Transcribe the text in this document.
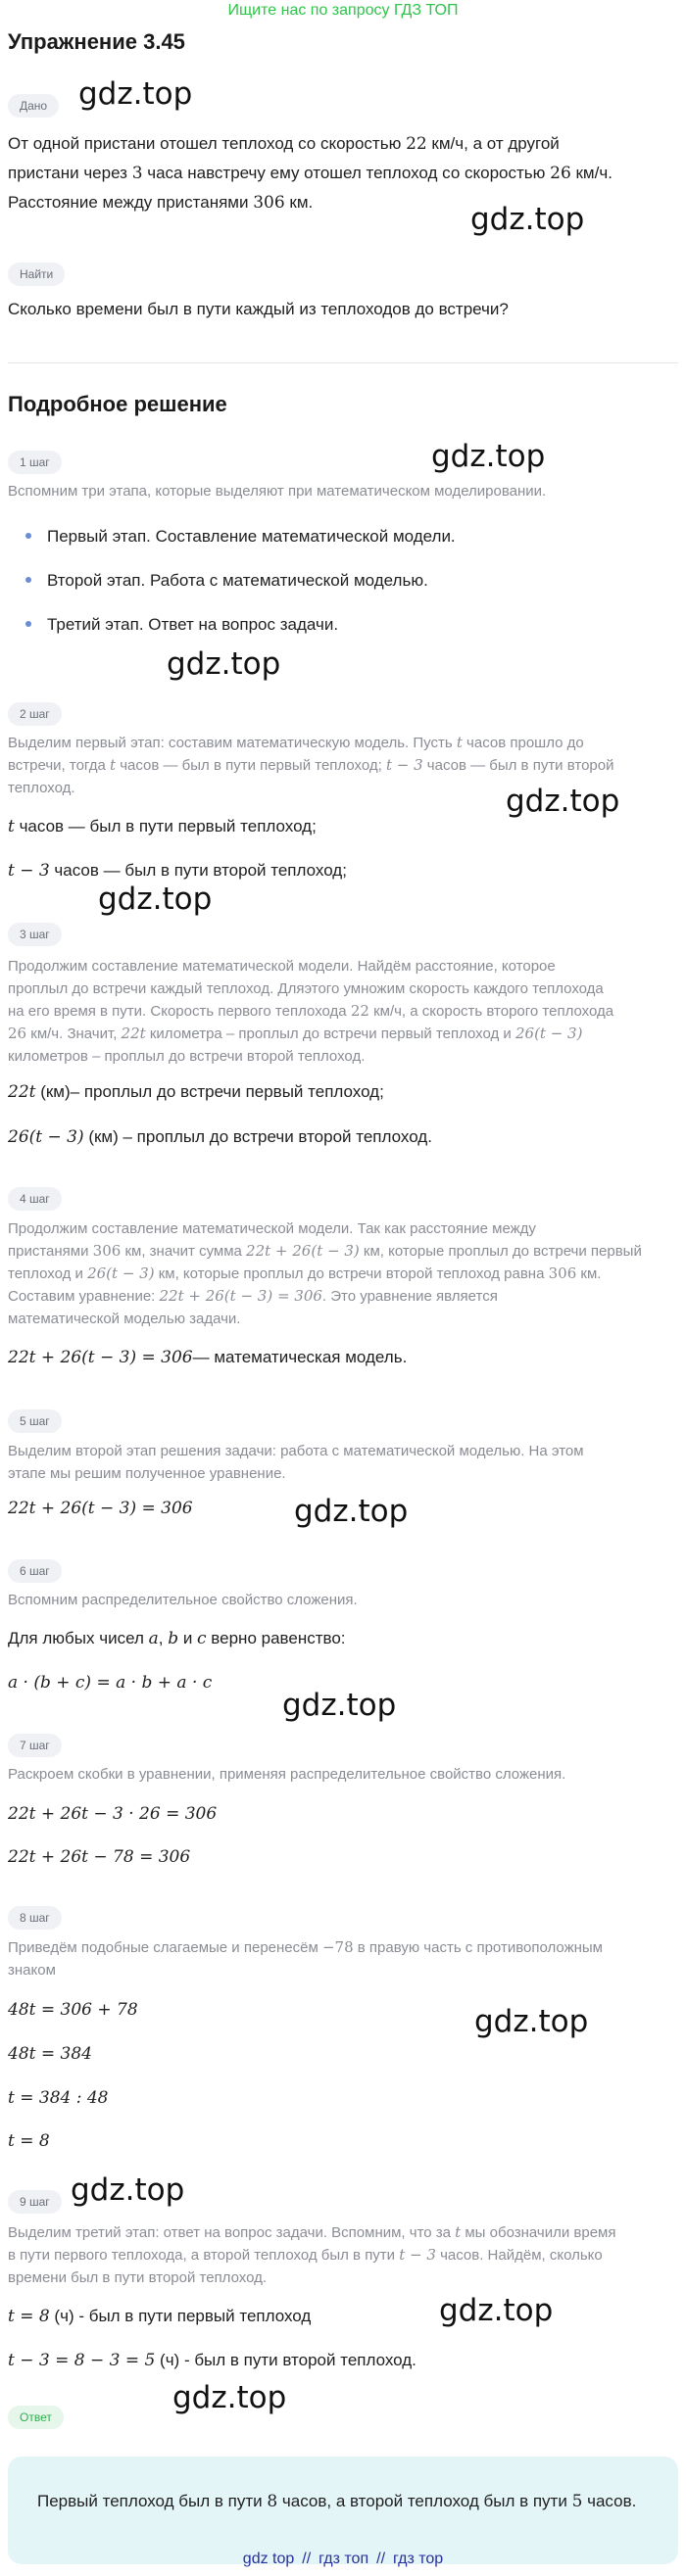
Ищите нас по запросу ГДЗ ТОП
Упражнение 3.45
Дано	gdz.top
От одной пристани отошел теплоход со скоростью 22 км/ч, а от другой
пристани через 3 часа навстречу ему отошел теплоход со скоростью 26 км/ч.
Расстояние между пристанями 306 км.	gdz.top
Найти
Сколько времени был в пути каждый из теплоходов до встречи?
Подробное решение
gdz.top
1 шаг
Вспомним три этапа, которые выделяют при математическом моделировании.
Первый этап. Составление математической модели.
Второй этап. Работа с математической моделью.
Третий этап. Ответ на вопрос задачи.
gdz.top
2 шаг
Выделим первый этап: составим математическую модель. Пусть t часов прошло до
встречи, тогда t часов — был в пути первый теплоход; t − 3 часов — был в пути второй
теплоход.	gdz.top
t часов — был в пути первый теплоход;
t − 3 часов — был в пути второй теплоход;
gdz.top
3 шаг
Продолжим составление математической модели. Найдём расстояние, которое
проплыл до встречи каждый теплоход. Дляэтого умножим скорость каждого теплохода
на его время в пути. Скорость первого теплохода 22 км/ч, а скорость второго теплохода
26 км/ч. Значит, 22t километра – проплыл до встречи первый теплоход и 26(t − 3)
километров – проплыл до встречи второй теплоход.
22t (км)– проплыл до встречи первый теплоход;
26(t − 3) (км) – проплыл до встречи второй теплоход.
4 шаг
Продолжим составление математической модели. Так как расстояние между
пристанями 306 км, значит сумма 22t + 26(t − 3) км, которые проплыл до встречи первый
теплоход и 26(t − 3) км, которые проплыл до встречи второй теплоход равна 306 км.
Составим уравнение: 22t + 26(t − 3) = 306. Это уравнение является
математической моделью задачи.
22t + 26(t − 3) = 306— математическая модель.
5 шаг
Выделим второй этап решения задачи: работа с математической моделью. На этом
этапе мы решим полученное уравнение.
22t + 26(t − 3) = 306	gdz.top
6 шаг
Вспомним распределительное свойство сложения.
Для любых чисел a, b и c верно равенство:
a · (b + c) = a · b + a · c
gdz.top
7 шаг
Раскроем скобки в уравнении, применяя распределительное свойство сложения.
22t + 26t − 3 · 26 = 306
22t + 26t − 78 = 306
8 шаг
Приведём подобные слагаемые и перенесём −78 в правую часть с противоположным
знаком
gdz.top
48t = 306 + 78
48t = 384
t = 384 : 48
t = 8
9 шаг gdz.top
Выделим третий этап: ответ на вопрос задачи. Вспомним, что за t мы обозначили время
в пути первого теплохода, а второй теплоход был в пути t − 3 часов. Найдём, сколько
времени был в пути второй теплоход.
gdz.top
t = 8 (ч) - был в пути первый теплоход
t − 3 = 8 − 3 = 5 (ч) - был в пути второй теплоход.
gdz.top
Ответ
Первый теплоход был в пути 8 часов, а второй теплоход был в пути 5 часов.
gdz top // гдз топ // гдз тор
